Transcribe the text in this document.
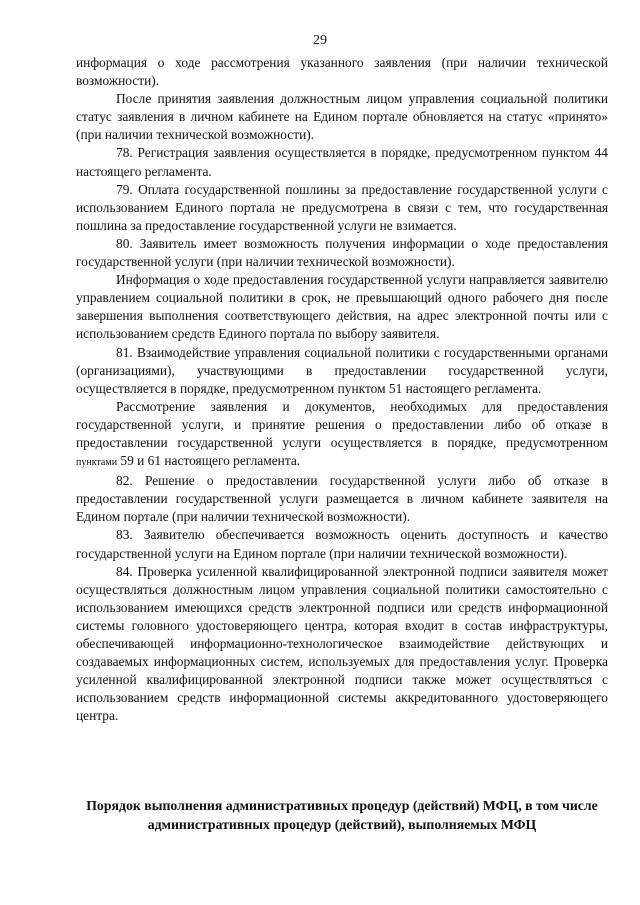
29

информация о ходе рассмотрения указанного заявления (при наличии технической возможности).

После принятия заявления должностным лицом управления социальной политики статус заявления в личном кабинете на Едином портале обновляется на статус «принято» (при наличии технической возможности).

78. Регистрация заявления осуществляется в порядке, предусмотренном пунктом 44 настоящего регламента.

79. Оплата государственной пошлины за предоставление государственной услуги с использованием Единого портала не предусмотрена в связи с тем, что государственная пошлина за предоставление государственной услуги не взимается.

80. Заявитель имеет возможность получения информации о ходе предоставления государственной услуги (при наличии технической возможности).

Информация о ходе предоставления государственной услуги направляется заявителю управлением социальной политики в срок, не превышающий одного рабочего дня после завершения выполнения соответствующего действия, на адрес электронной почты или с использованием средств Единого портала по выбору заявителя.

81. Взаимодействие управления социальной политики с государственными органами (организациями), участвующими в предоставлении государственной услуги, осуществляется в порядке, предусмотренном пунктом 51 настоящего регламента.

Рассмотрение заявления и документов, необходимых для предоставления государственной услуги, и принятие решения о предоставлении либо об отказе в предоставлении государственной услуги осуществляется в порядке, предусмотренном пунктами 59 и 61 настоящего регламента.

82. Решение о предоставлении государственной услуги либо об отказе в предоставлении государственной услуги размещается в личном кабинете заявителя на Едином портале (при наличии технической возможности).

83. Заявителю обеспечивается возможность оценить доступность и качество государственной услуги на Едином портале (при наличии технической возможности).

84. Проверка усиленной квалифицированной электронной подписи заявителя может осуществляться должностным лицом управления социальной политики самостоятельно с использованием имеющихся средств электронной подписи или средств информационной системы головного удостоверяющего центра, которая входит в состав инфраструктуры, обеспечивающей информационно-технологическое взаимодействие действующих и создаваемых информационных систем, используемых для предоставления услуг. Проверка усиленной квалифицированной электронной подписи также может осуществляться с использованием средств информационной системы аккредитованного удостоверяющего центра.

Порядок выполнения административных процедур (действий) МФЦ, в том числе административных процедур (действий), выполняемых МФЦ
